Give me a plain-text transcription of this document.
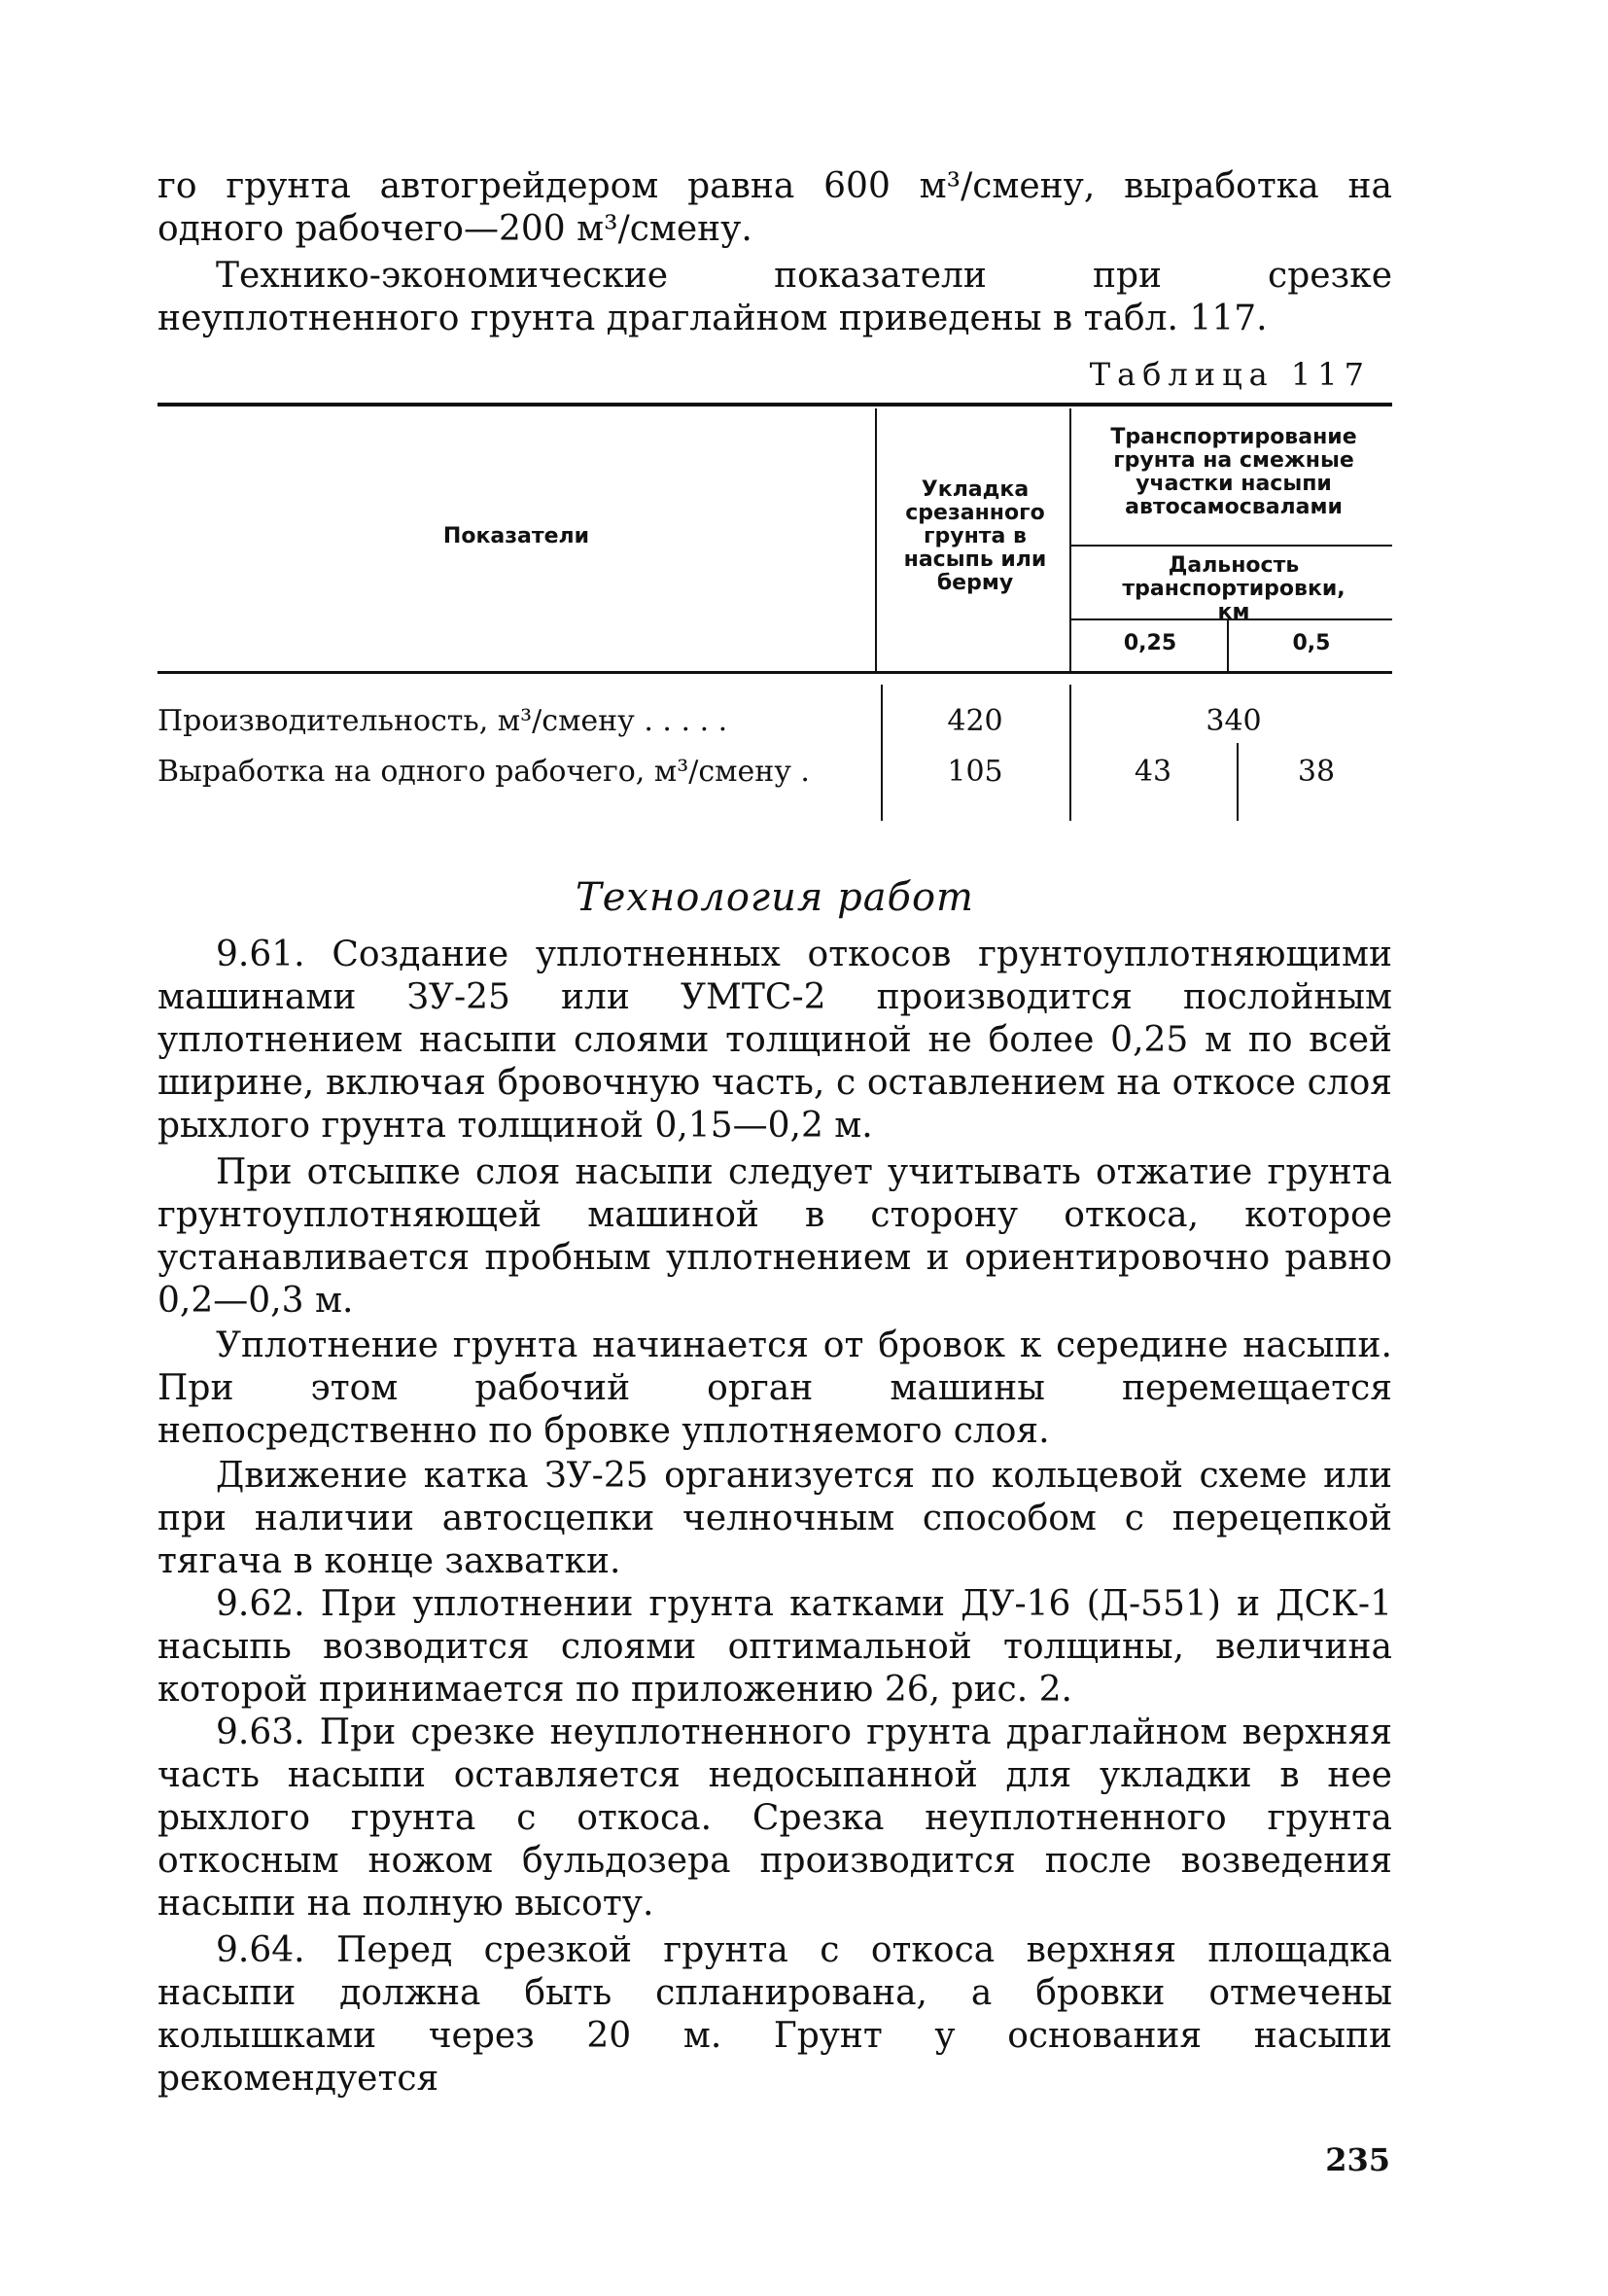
го грунта автогрейдером равна 600 м³/смену, выработка на одного рабочего—200 м³/смену.

Технико-экономические показатели при срезке неуплотненного грунта драглайном приведены в табл. 117.

Таблица 117
Показатели
Укладка срезанного грунта в насыпь или берму
Транспортирование грунта на смежные участки насыпи автосамосвалами
Дальность транспортировки, км
0,25	0,5
Производительность, м³/смену . . . . .	420	340
Выработка на одного рабочего, м³/смену .	105	43	38
Технология работ

9.61. Создание уплотненных откосов грунтоуплотняющими машинами ЗУ-25 или УМТС-2 производится послойным уплотнением насыпи слоями толщиной не более 0,25 м по всей ширине, включая бровочную часть, с оставлением на откосе слоя рыхлого грунта толщиной 0,15—0,2 м.

При отсыпке слоя насыпи следует учитывать отжатие грунта грунтоуплотняющей машиной в сторону откоса, которое устанавливается пробным уплотнением и ориентировочно равно 0,2—0,3 м.

Уплотнение грунта начинается от бровок к середине насыпи. При этом рабочий орган машины перемещается непосредственно по бровке уплотняемого слоя.

Движение катка ЗУ-25 организуется по кольцевой схеме или при наличии автосцепки челночным способом с перецепкой тягача в конце захватки.

9.62. При уплотнении грунта катками ДУ-16 (Д-551) и ДСК-1 насыпь возводится слоями оптимальной толщины, величина которой принимается по приложению 26, рис. 2.

9.63. При срезке неуплотненного грунта драглайном верхняя часть насыпи оставляется недосыпанной для укладки в нее рыхлого грунта с откоса. Срезка неуплотненного грунта откосным ножом бульдозера производится после возведения насыпи на полную высоту.

9.64. Перед срезкой грунта с откоса верхняя площадка насыпи должна быть спланирована, а бровки отмечены колышками через 20 м. Грунт у основания насыпи рекомендуется

235
